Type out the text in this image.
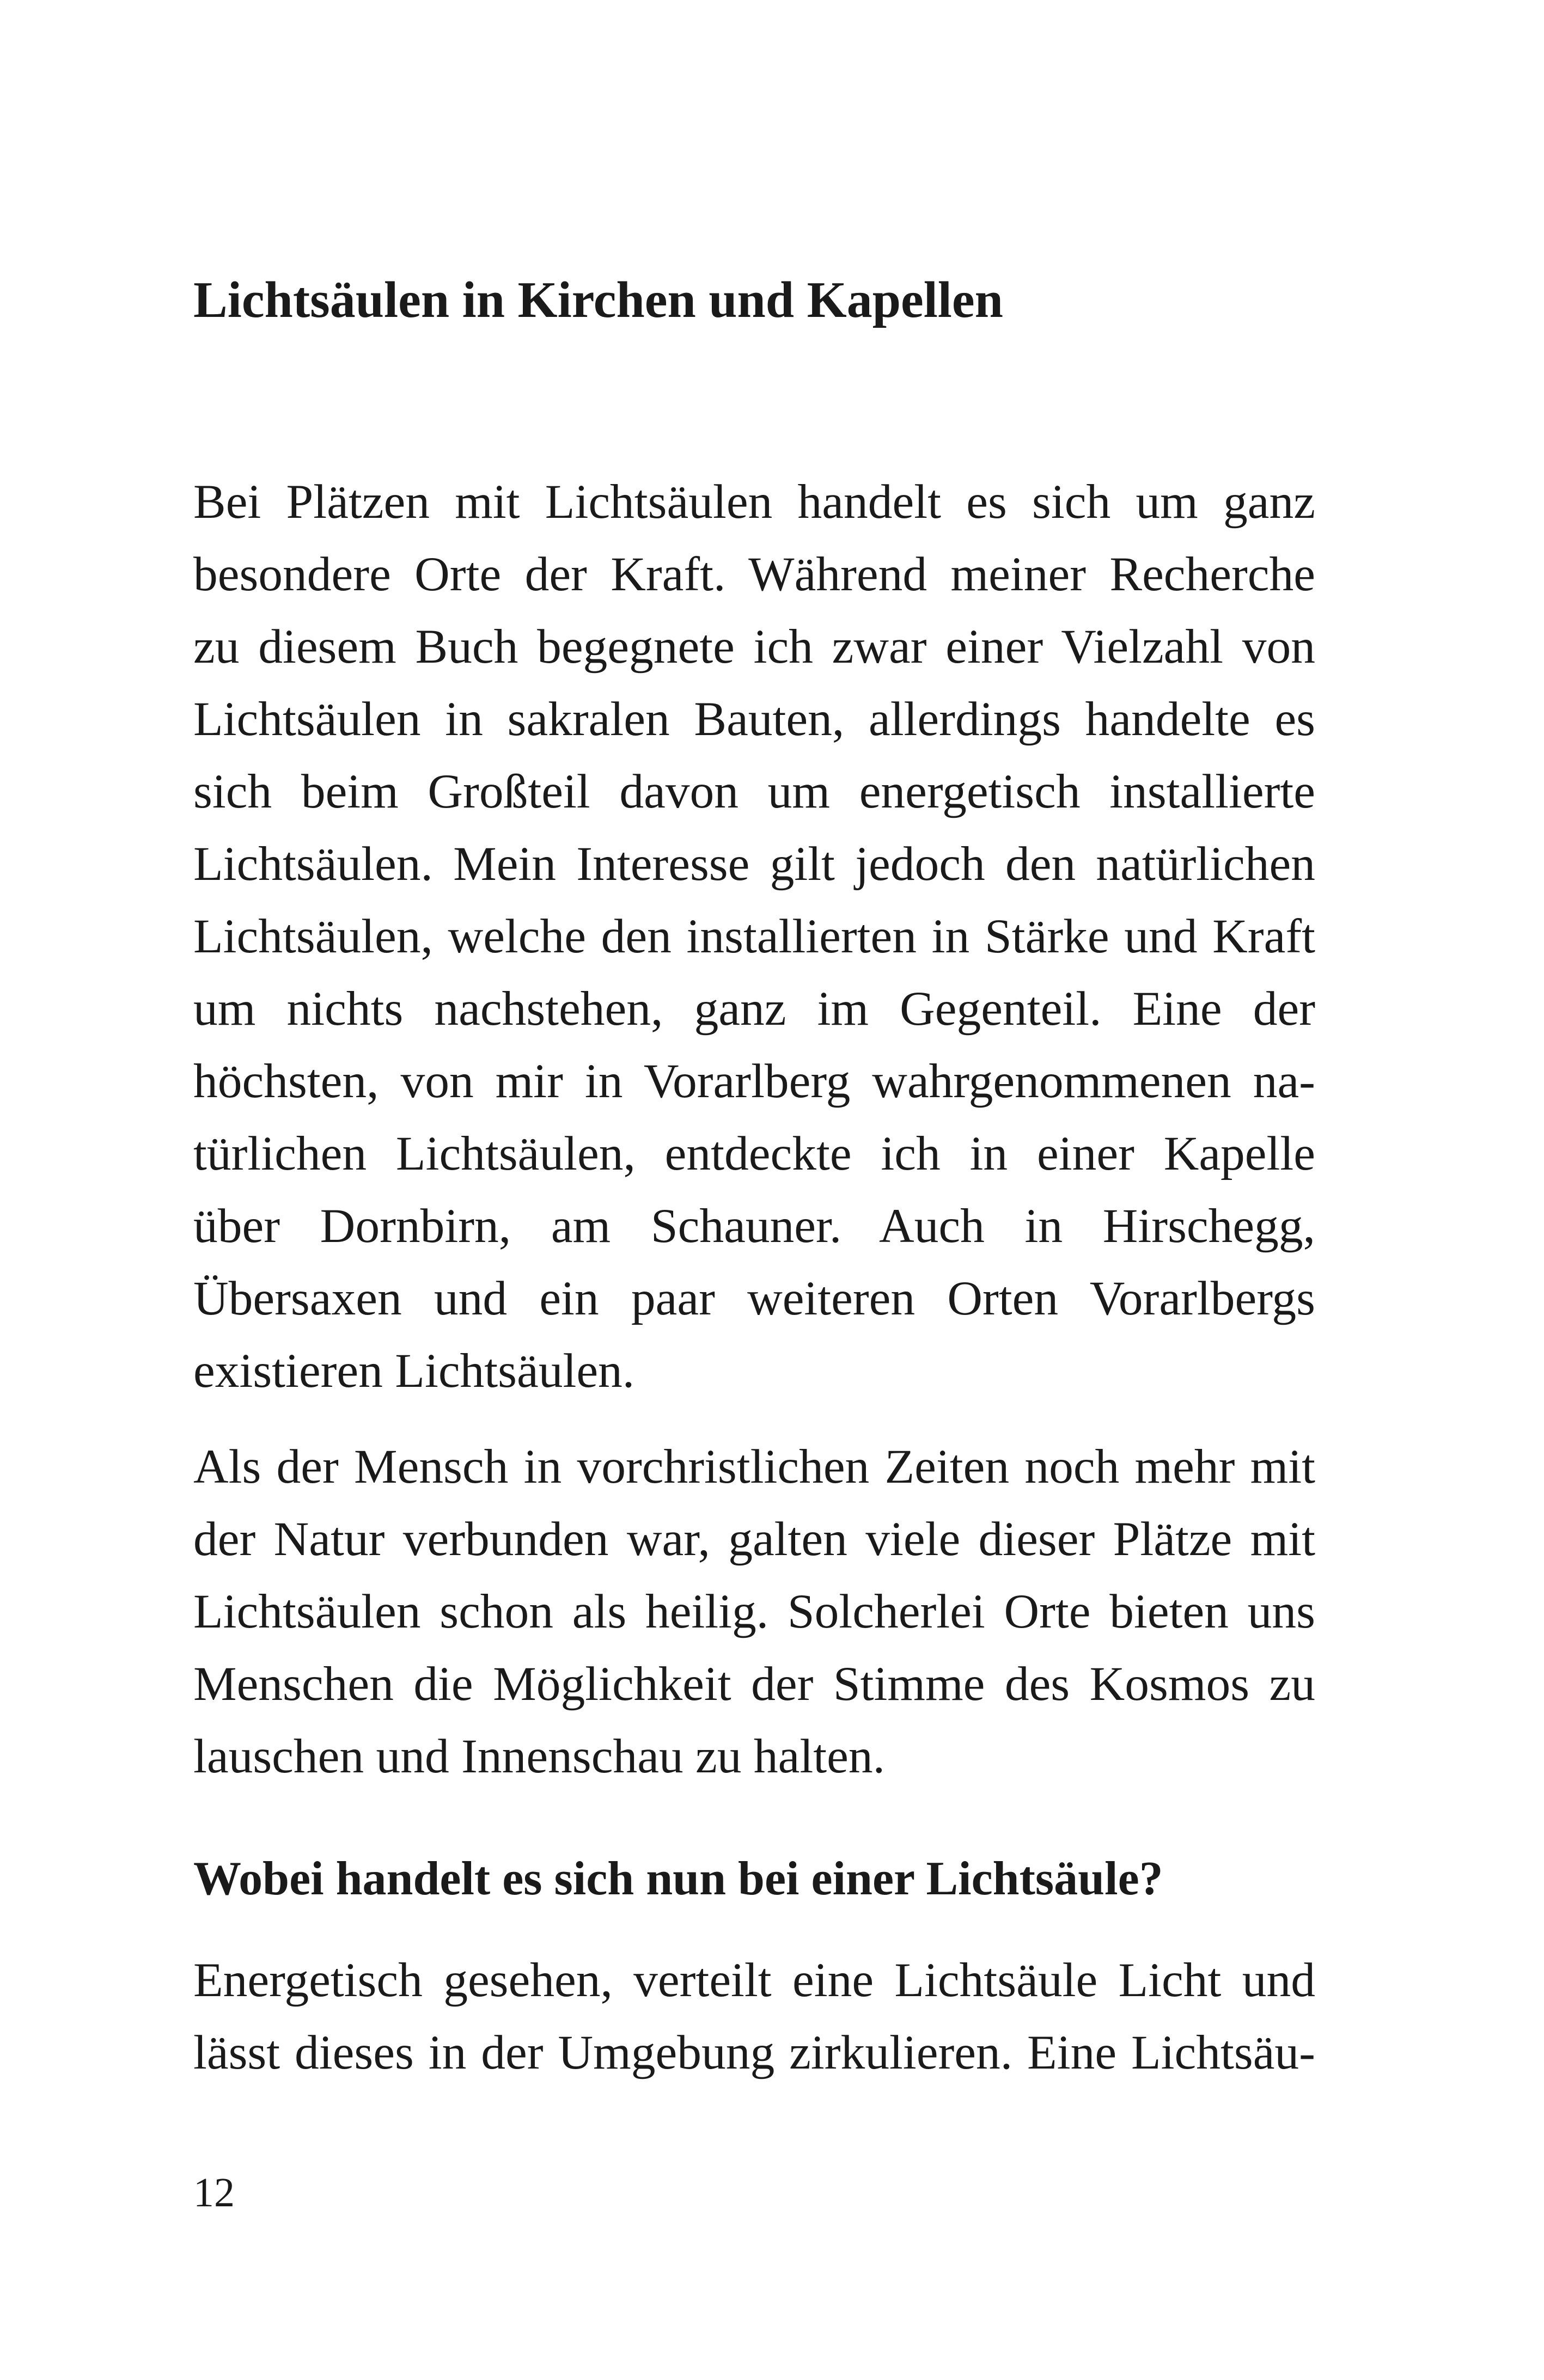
Lichtsäulen in Kirchen und Kapellen
Bei Plätzen mit Lichtsäulen handelt es sich um ganz
besondere Orte der Kraft. Während meiner Recherche
zu diesem Buch begegnete ich zwar einer Vielzahl von
Lichtsäulen in sakralen Bauten, allerdings handelte es
sich beim Großteil davon um energetisch installierte
Lichtsäulen. Mein Interesse gilt jedoch den natürlichen
Lichtsäulen, welche den installierten in Stärke und Kraft
um nichts nachstehen, ganz im Gegenteil. Eine der
höchsten, von mir in Vorarlberg wahrgenommenen na-
türlichen Lichtsäulen, entdeckte ich in einer Kapelle
über Dornbirn, am Schauner. Auch in Hirschegg,
Übersaxen und ein paar weiteren Orten Vorarlbergs
existieren Lichtsäulen.
Als der Mensch in vorchristlichen Zeiten noch mehr mit
der Natur verbunden war, galten viele dieser Plätze mit
Lichtsäulen schon als heilig. Solcherlei Orte bieten uns
Menschen die Möglichkeit der Stimme des Kosmos zu
lauschen und Innenschau zu halten.
Wobei handelt es sich nun bei einer Lichtsäule?
Energetisch gesehen, verteilt eine Lichtsäule Licht und
lässt dieses in der Umgebung zirkulieren. Eine Lichtsäu-
12
